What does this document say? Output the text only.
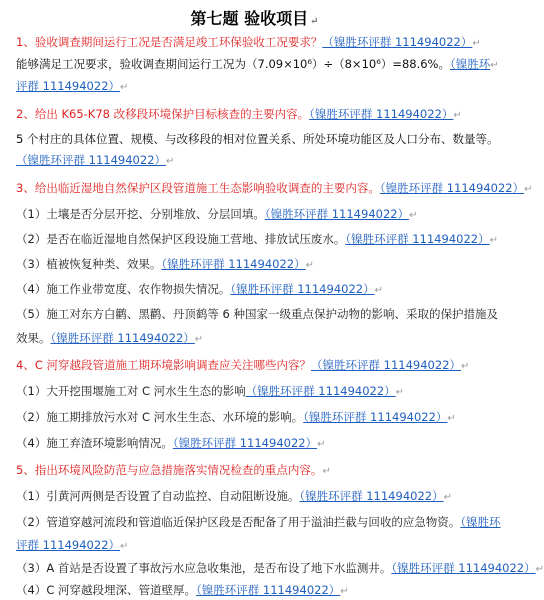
第七题 验收项目 ↵
1、验收调查期间运行工况是否满足竣工环保验收工况要求？（镍胜环评群 111494022）↵
能够满足工况要求，验收调查期间运行工况为（7.09×10⁶）÷（8×10⁶）=88.6%。（镍胜环↵
评群 111494022）↵
2、给出 K65-K78 改移段环境保护目标核查的主要内容。（镍胜环评群 111494022）↵
5 个村庄的具体位置、规模、与改移段的相对位置关系、所处环境功能区及人口分布、数量等。
（镍胜环评群 111494022）↵
3、给出临近湿地自然保护区段管道施工生态影响验收调查的主要内容。（镍胜环评群 111494022）↵
（1）土壤是否分层开挖、分别堆放、分层回填。（镍胜环评群 111494022）↵
（2）是否在临近湿地自然保护区段设施工营地、排放试压废水。（镍胜环评群 111494022）↵
（3）植被恢复种类、效果。（镍胜环评群 111494022）↵
（4）施工作业带宽度、农作物损失情况。（镍胜环评群 111494022）↵
（5）施工对东方白鹳、黑鹳、丹顶鹤等 6 种国家一级重点保护动物的影响、采取的保护措施及
效果。（镍胜环评群 111494022）↵
4、C 河穿越段管道施工期环境影响调查应关注哪些内容？（镍胜环评群 111494022）↵
（1）大开挖围堰施工对 C 河水生生态的影响（镍胜环评群 111494022）↵
（2）施工期排放污水对 C 河水生生态、水环境的影响。（镍胜环评群 111494022）↵
（4）施工弃渣环境影响情况。（镍胜环评群 111494022）↵
5、指出环境风险防范与应急措施落实情况检查的重点内容。↵
（1）引黄河两侧是否设置了自动监控、自动阻断设施。（镍胜环评群 111494022）↵
（2）管道穿越河流段和管道临近保护区段是否配备了用于溢油拦截与回收的应急物资。（镍胜环
评群 111494022）↵
（3）A 首站是否设置了事故污水应急收集池，是否布设了地下水监测井。（镍胜环评群 111494022）↵
（4）C 河穿越段埋深、管道壁厚。（镍胜环评群 111494022）↵
